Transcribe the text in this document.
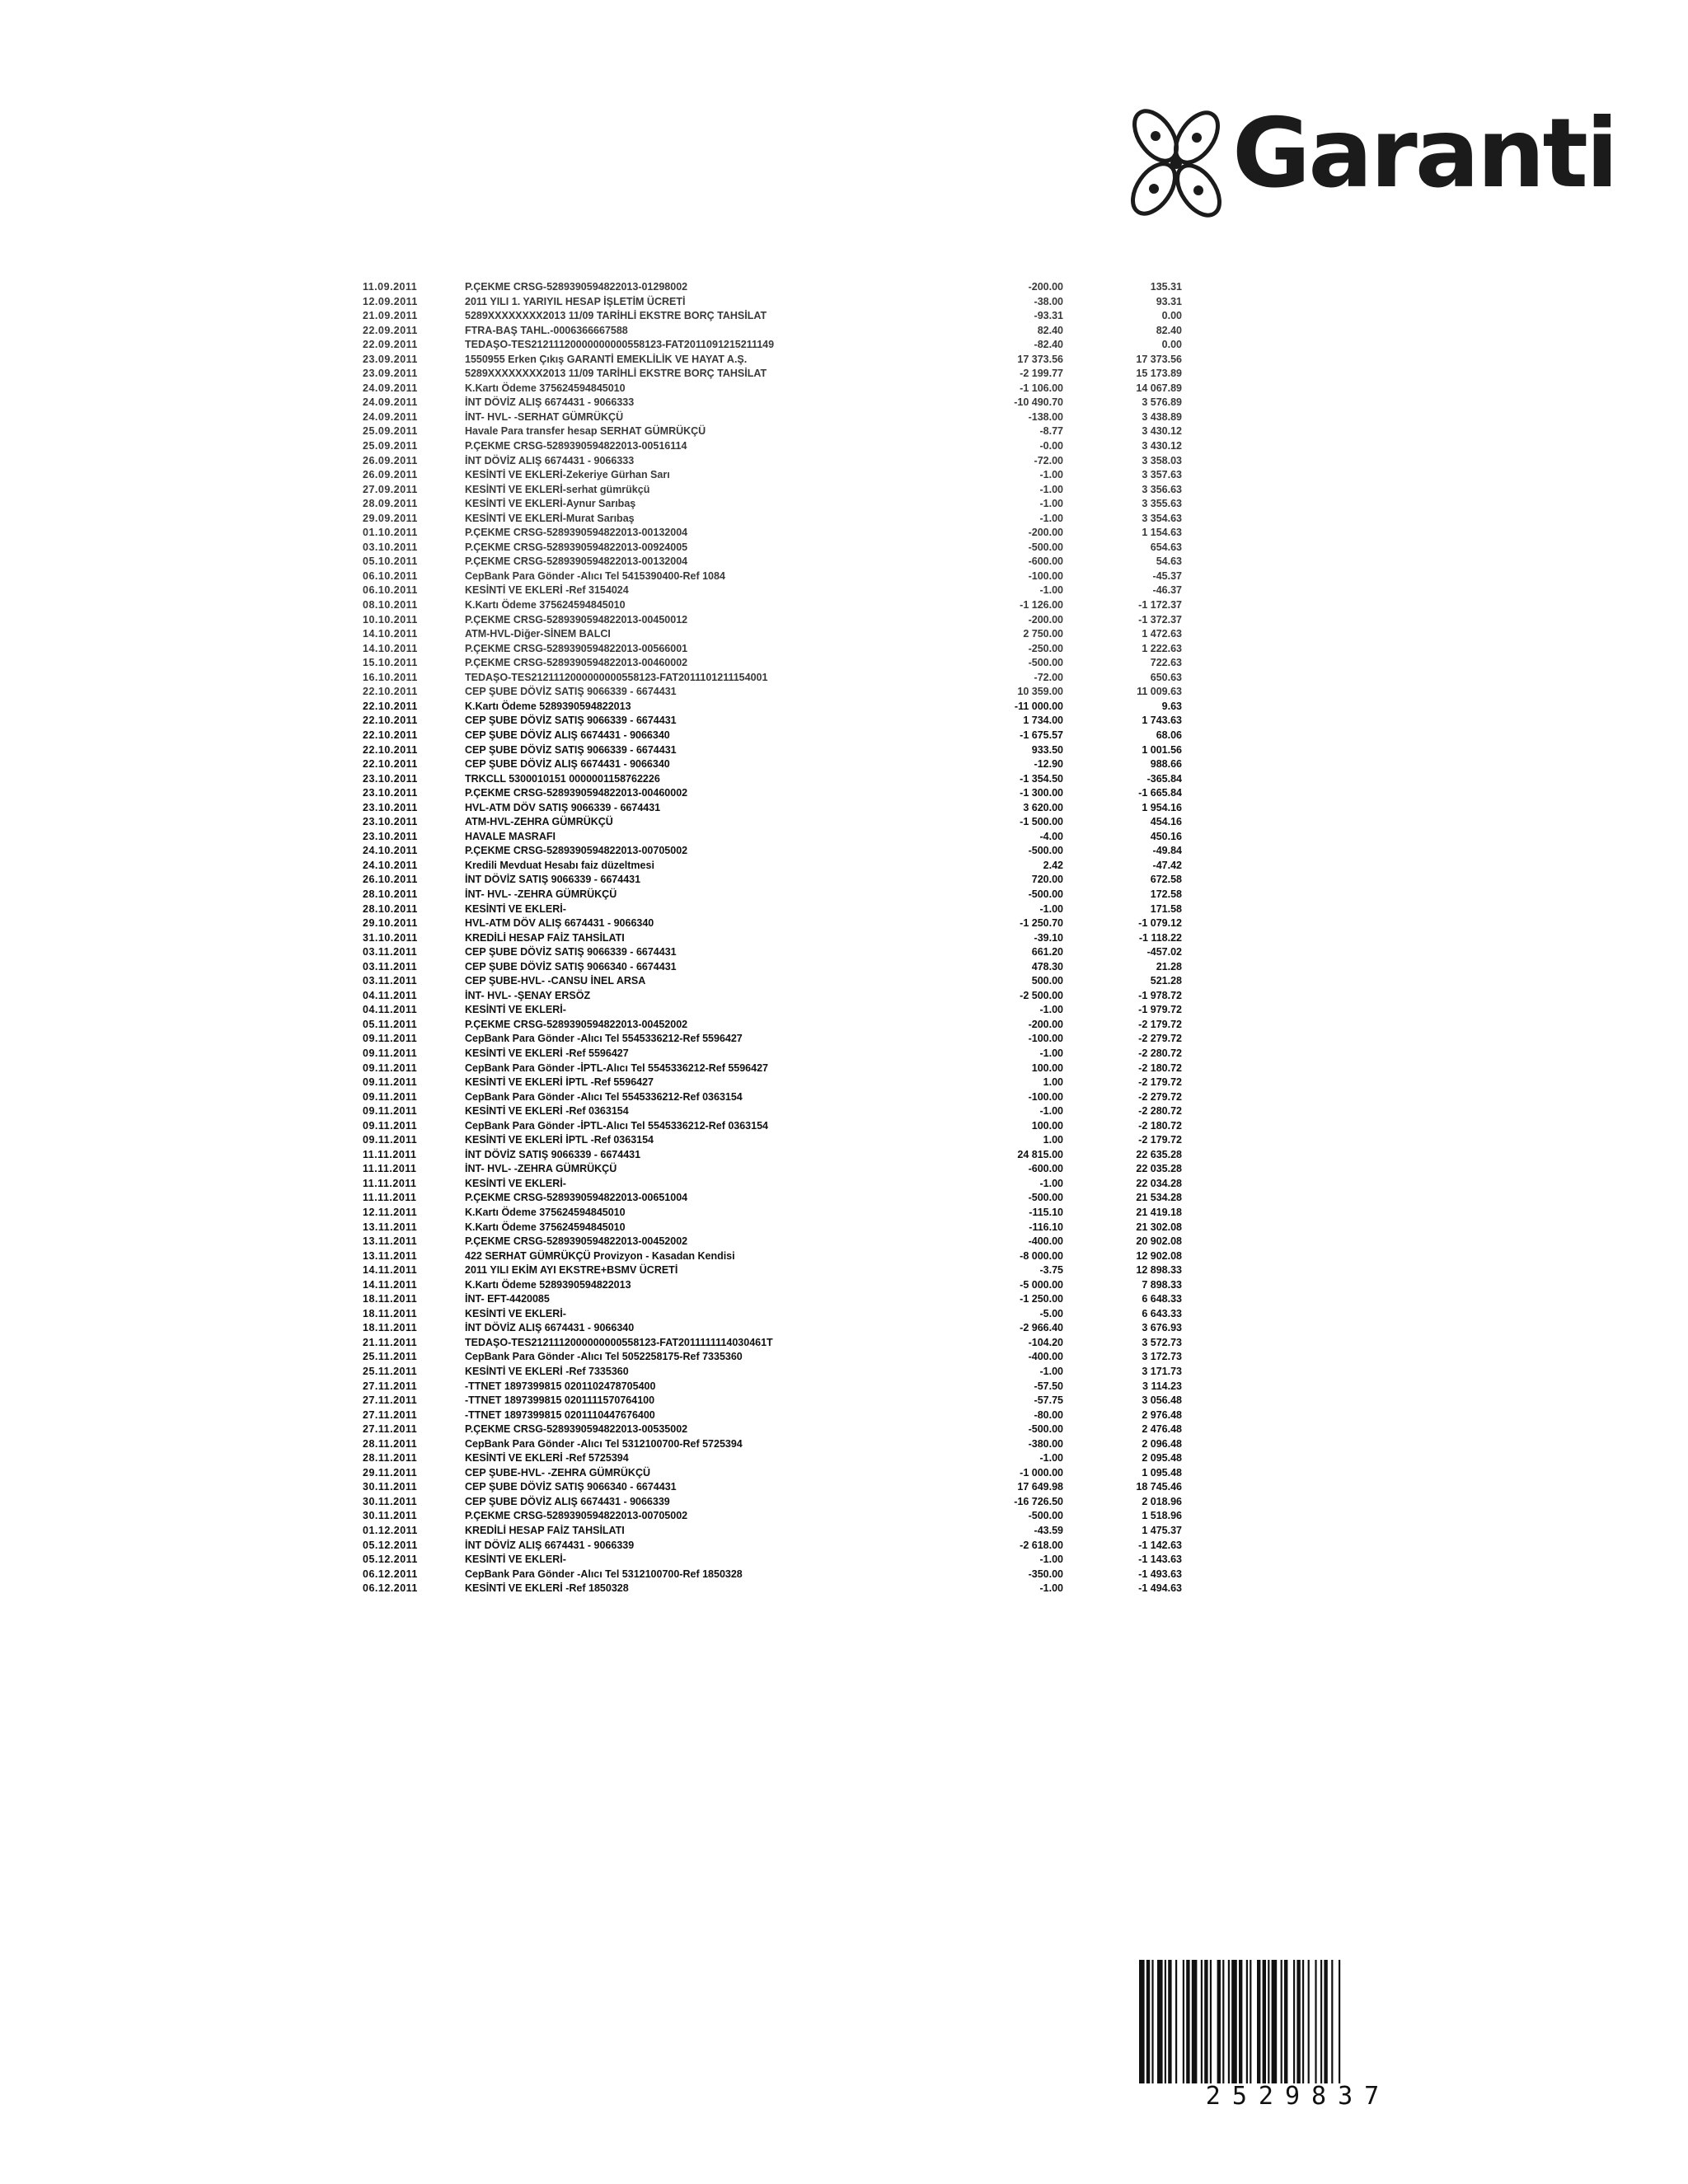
Garanti
11.09.2011	P.ÇEKME CRSG-5289390594822013-01298002	-200.00	135.31
12.09.2011	2011 YILI 1. YARIYIL HESAP İŞLETİM ÜCRETİ	-38.00	93.31
21.09.2011	5289XXXXXXXX2013 11/09 TARİHLİ EKSTRE BORÇ TAHSİLAT	-93.31	0.00
22.09.2011	FTRA-BAŞ TAHL.-0006366667588	82.40	82.40
22.09.2011	TEDAŞO-TES21211120000000000558123-FAT2011091215211149	-82.40	0.00
23.09.2011	1550955 Erken Çıkış GARANTİ EMEKLİLİK VE HAYAT A.Ş.	17 373.56	17 373.56
23.09.2011	5289XXXXXXXX2013 11/09 TARİHLİ EKSTRE BORÇ TAHSİLAT	-2 199.77	15 173.89
24.09.2011	K.Kartı Ödeme 375624594845010	-1 106.00	14 067.89
24.09.2011	İNT DÖVİZ ALIŞ 6674431 - 9066333	-10 490.70	3 576.89
24.09.2011	İNT- HVL- -SERHAT GÜMRÜKÇÜ	-138.00	3 438.89
25.09.2011	Havale Para transfer hesap SERHAT GÜMRÜKÇÜ	-8.77	3 430.12
25.09.2011	P.ÇEKME CRSG-5289390594822013-00516114	-0.00	3 430.12
26.09.2011	İNT DÖVİZ ALIŞ 6674431 - 9066333	-72.00	3 358.03
26.09.2011	KESİNTİ VE EKLERİ-Zekeriye Gürhan Sarı	-1.00	3 357.63
27.09.2011	KESİNTİ VE EKLERİ-serhat gümrükçü	-1.00	3 356.63
28.09.2011	KESİNTİ VE EKLERİ-Aynur Sarıbaş	-1.00	3 355.63
29.09.2011	KESİNTİ VE EKLERİ-Murat Sarıbaş	-1.00	3 354.63
01.10.2011	P.ÇEKME CRSG-5289390594822013-00132004	-200.00	1 154.63
03.10.2011	P.ÇEKME CRSG-5289390594822013-00924005	-500.00	654.63
05.10.2011	P.ÇEKME CRSG-5289390594822013-00132004	-600.00	54.63
06.10.2011	CepBank Para Gönder -Alıcı Tel 5415390400-Ref 1084	-100.00	-45.37
06.10.2011	KESİNTİ VE EKLERİ -Ref 3154024	-1.00	-46.37
08.10.2011	K.Kartı Ödeme 375624594845010	-1 126.00	-1 172.37
10.10.2011	P.ÇEKME CRSG-5289390594822013-00450012	-200.00	-1 372.37
14.10.2011	ATM-HVL-Diğer-SİNEM BALCI	2 750.00	1 472.63
14.10.2011	P.ÇEKME CRSG-5289390594822013-00566001	-250.00	1 222.63
15.10.2011	P.ÇEKME CRSG-5289390594822013-00460002	-500.00	722.63
16.10.2011	TEDAŞO-TES2121112000000000558123-FAT2011101211154001	-72.00	650.63
22.10.2011	CEP ŞUBE DÖVİZ SATIŞ 9066339 - 6674431	10 359.00	11 009.63
22.10.2011	K.Kartı Ödeme 5289390594822013	-11 000.00	9.63
22.10.2011	CEP ŞUBE DÖVİZ SATIŞ 9066339 - 6674431	1 734.00	1 743.63
22.10.2011	CEP ŞUBE DÖVİZ ALIŞ 6674431 - 9066340	-1 675.57	68.06
22.10.2011	CEP ŞUBE DÖVİZ SATIŞ 9066339 - 6674431	933.50	1 001.56
22.10.2011	CEP ŞUBE DÖVİZ ALIŞ 6674431 - 9066340	-12.90	988.66
23.10.2011	TRKCLL 5300010151 0000001158762226	-1 354.50	-365.84
23.10.2011	P.ÇEKME CRSG-5289390594822013-00460002	-1 300.00	-1 665.84
23.10.2011	HVL-ATM DÖV SATIŞ 9066339 - 6674431	3 620.00	1 954.16
23.10.2011	ATM-HVL-ZEHRA GÜMRÜKÇÜ	-1 500.00	454.16
23.10.2011	HAVALE MASRAFI	-4.00	450.16
24.10.2011	P.ÇEKME CRSG-5289390594822013-00705002	-500.00	-49.84
24.10.2011	Kredili Mevduat Hesabı faiz düzeltmesi	2.42	-47.42
26.10.2011	İNT DÖVİZ SATIŞ 9066339 - 6674431	720.00	672.58
28.10.2011	İNT- HVL- -ZEHRA GÜMRÜKÇÜ	-500.00	172.58
28.10.2011	KESİNTİ VE EKLERİ-	-1.00	171.58
29.10.2011	HVL-ATM DÖV ALIŞ 6674431 - 9066340	-1 250.70	-1 079.12
31.10.2011	KREDİLİ HESAP FAİZ TAHSİLATI	-39.10	-1 118.22
03.11.2011	CEP ŞUBE DÖVİZ SATIŞ 9066339 - 6674431	661.20	-457.02
03.11.2011	CEP ŞUBE DÖVİZ SATIŞ 9066340 - 6674431	478.30	21.28
03.11.2011	CEP ŞUBE-HVL- -CANSU İNEL ARSA	500.00	521.28
04.11.2011	İNT- HVL- -ŞENAY ERSÖZ	-2 500.00	-1 978.72
04.11.2011	KESİNTİ VE EKLERİ-	-1.00	-1 979.72
05.11.2011	P.ÇEKME CRSG-5289390594822013-00452002	-200.00	-2 179.72
09.11.2011	CepBank Para Gönder -Alıcı Tel 5545336212-Ref 5596427	-100.00	-2 279.72
09.11.2011	KESİNTİ VE EKLERİ -Ref 5596427	-1.00	-2 280.72
09.11.2011	CepBank Para Gönder -İPTL-Alıcı Tel 5545336212-Ref 5596427	100.00	-2 180.72
09.11.2011	KESİNTİ VE EKLERİ İPTL -Ref 5596427	1.00	-2 179.72
09.11.2011	CepBank Para Gönder -Alıcı Tel 5545336212-Ref 0363154	-100.00	-2 279.72
09.11.2011	KESİNTİ VE EKLERİ -Ref 0363154	-1.00	-2 280.72
09.11.2011	CepBank Para Gönder -İPTL-Alıcı Tel 5545336212-Ref 0363154	100.00	-2 180.72
09.11.2011	KESİNTİ VE EKLERİ İPTL -Ref 0363154	1.00	-2 179.72
11.11.2011	İNT DÖVİZ SATIŞ 9066339 - 6674431	24 815.00	22 635.28
11.11.2011	İNT- HVL- -ZEHRA GÜMRÜKÇÜ	-600.00	22 035.28
11.11.2011	KESİNTİ VE EKLERİ-	-1.00	22 034.28
11.11.2011	P.ÇEKME CRSG-5289390594822013-00651004	-500.00	21 534.28
12.11.2011	K.Kartı Ödeme 375624594845010	-115.10	21 419.18
13.11.2011	K.Kartı Ödeme 375624594845010	-116.10	21 302.08
13.11.2011	P.ÇEKME CRSG-5289390594822013-00452002	-400.00	20 902.08
13.11.2011	422 SERHAT GÜMRÜKÇÜ Provizyon - Kasadan Kendisi	-8 000.00	12 902.08
14.11.2011	2011 YILI EKİM AYI EKSTRE+BSMV ÜCRETİ	-3.75	12 898.33
14.11.2011	K.Kartı Ödeme 5289390594822013	-5 000.00	7 898.33
18.11.2011	İNT- EFT-4420085	-1 250.00	6 648.33
18.11.2011	KESİNTİ VE EKLERİ-	-5.00	6 643.33
18.11.2011	İNT DÖVİZ ALIŞ 6674431 - 9066340	-2 966.40	3 676.93
21.11.2011	TEDAŞO-TES2121112000000000558123-FAT2011111114030461T	-104.20	3 572.73
25.11.2011	CepBank Para Gönder -Alıcı Tel 5052258175-Ref 7335360	-400.00	3 172.73
25.11.2011	KESİNTİ VE EKLERİ -Ref 7335360	-1.00	3 171.73
27.11.2011	-TTNET 1897399815 0201102478705400	-57.50	3 114.23
27.11.2011	-TTNET 1897399815 0201111570764100	-57.75	3 056.48
27.11.2011	-TTNET 1897399815 0201110447676400	-80.00	2 976.48
27.11.2011	P.ÇEKME CRSG-5289390594822013-00535002	-500.00	2 476.48
28.11.2011	CepBank Para Gönder -Alıcı Tel 5312100700-Ref 5725394	-380.00	2 096.48
28.11.2011	KESİNTİ VE EKLERİ -Ref 5725394	-1.00	2 095.48
29.11.2011	CEP ŞUBE-HVL- -ZEHRA GÜMRÜKÇÜ	-1 000.00	1 095.48
30.11.2011	CEP ŞUBE DÖVİZ SATIŞ 9066340 - 6674431	17 649.98	18 745.46
30.11.2011	CEP ŞUBE DÖVİZ ALIŞ 6674431 - 9066339	-16 726.50	2 018.96
30.11.2011	P.ÇEKME CRSG-5289390594822013-00705002	-500.00	1 518.96
01.12.2011	KREDİLİ HESAP FAİZ TAHSİLATI	-43.59	1 475.37
05.12.2011	İNT DÖVİZ ALIŞ 6674431 - 9066339	-2 618.00	-1 142.63
05.12.2011	KESİNTİ VE EKLERİ-	-1.00	-1 143.63
06.12.2011	CepBank Para Gönder -Alıcı Tel 5312100700-Ref 1850328	-350.00	-1 493.63
06.12.2011	KESİNTİ VE EKLERİ -Ref 1850328	-1.00	-1 494.63
2529837
